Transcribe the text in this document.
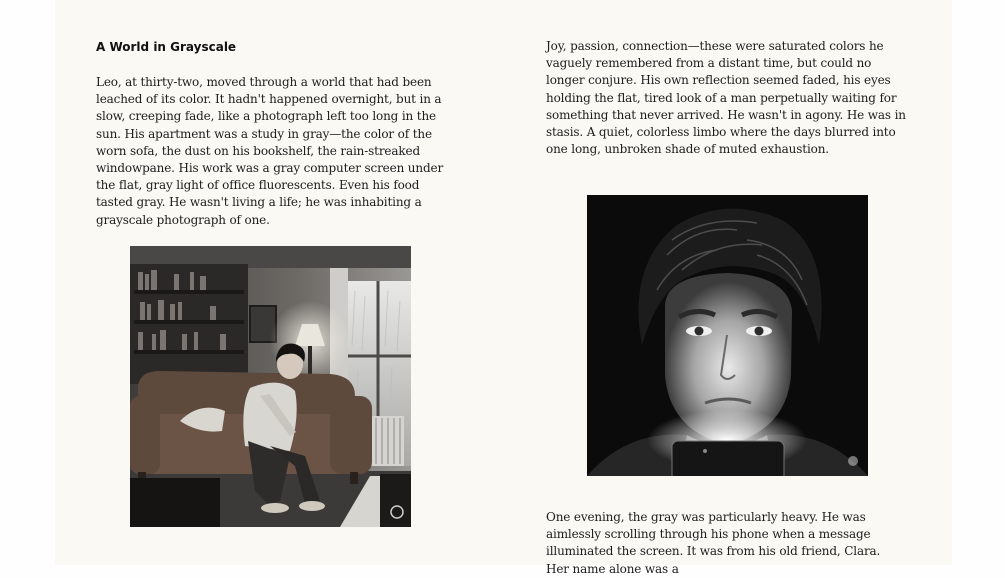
A World in Grayscale

Leo, at thirty-two, moved through a world that had been leached of its color. It hadn't happened overnight, but in a slow, creeping fade, like a photograph left too long in the sun. His apartment was a study in gray—the color of the worn sofa, the dust on his bookshelf, the rain-streaked windowpane. His work was a gray computer screen under the flat, gray light of office fluorescents. Even his food tasted gray. He wasn't living a life; he was inhabiting a grayscale photograph of one.

Joy, passion, connection—these were saturated colors he vaguely remembered from a distant time, but could no longer conjure. His own reflection seemed faded, his eyes holding the flat, tired look of a man perpetually waiting for something that never arrived. He wasn't in agony. He was in stasis. A quiet, colorless limbo where the days blurred into one long, unbroken shade of muted exhaustion.

One evening, the gray was particularly heavy. He was aimlessly scrolling through his phone when a message illuminated the screen. It was from his old friend, Clara. Her name alone was a
